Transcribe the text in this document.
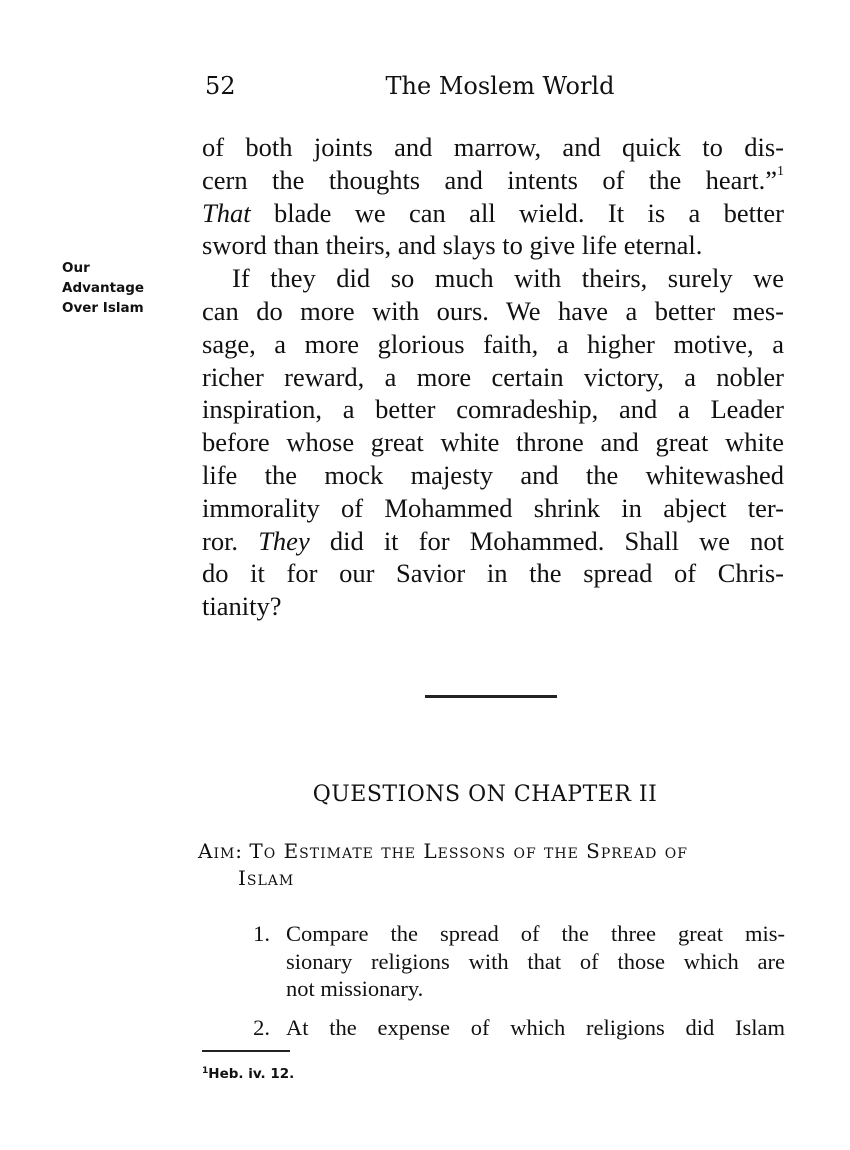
52	The Moslem World
Our
Advantage
Over Islam
of both joints and marrow, and quick to dis-
cern the thoughts and intents of the heart.”$^1$
That blade we can all wield. It is a better
sword than theirs, and slays to give life eternal.
If they did so much with theirs, surely we
can do more with ours. We have a better mes-
sage, a more glorious faith, a higher motive, a
richer reward, a more certain victory, a nobler
inspiration, a better comradeship, and a Leader
before whose great white throne and great white
life the mock majesty and the whitewashed
immorality of Mohammed shrink in abject ter-
ror. They did it for Mohammed. Shall we not
do it for our Savior in the spread of Chris-
tianity?
QUESTIONS ON CHAPTER II
Aim: To Estimate the Lessons of the Spread of
Islam
1. Compare the spread of the three great mis-
sionary religions with that of those which are
not missionary.
2. At the expense of which religions did Islam
$^1$Heb. iv. 12.
